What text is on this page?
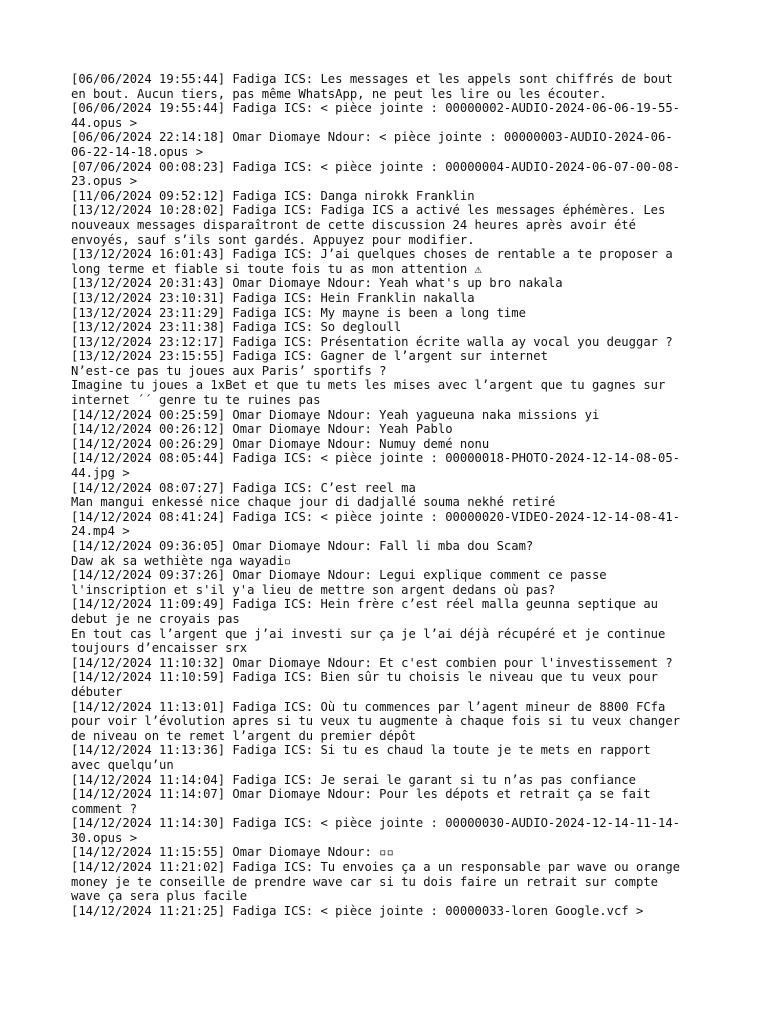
[06/06/2024 19:55:44] Fadiga ICS: Les messages et les appels sont chiffrés de bout
en bout. Aucun tiers, pas même WhatsApp, ne peut les lire ou les écouter.
[06/06/2024 19:55:44] Fadiga ICS: < pièce jointe : 00000002-AUDIO-2024-06-06-19-55-
44.opus >
[06/06/2024 22:14:18] Omar Diomaye Ndour: < pièce jointe : 00000003-AUDIO-2024-06-
06-22-14-18.opus >
[07/06/2024 00:08:23] Fadiga ICS: < pièce jointe : 00000004-AUDIO-2024-06-07-00-08-
23.opus >
[11/06/2024 09:52:12] Fadiga ICS: Danga nirokk Franklin
[13/12/2024 10:28:02] Fadiga ICS: Fadiga ICS a activé les messages éphémères. Les
nouveaux messages disparaîtront de cette discussion 24 heures après avoir été
envoyés, sauf s’ils sont gardés. Appuyez pour modifier.
[13/12/2024 16:01:43] Fadiga ICS: J’ai quelques choses de rentable a te proposer a
long terme et fiable si toute fois tu as mon attention ⚠
[13/12/2024 20:31:43] Omar Diomaye Ndour: Yeah what's up bro nakala
[13/12/2024 23:10:31] Fadiga ICS: Hein Franklin nakalla
[13/12/2024 23:11:29] Fadiga ICS: My mayne is been a long time
[13/12/2024 23:11:38] Fadiga ICS: So degloull
[13/12/2024 23:12:17] Fadiga ICS: Présentation écrite walla ay vocal you deuggar ?
[13/12/2024 23:15:55] Fadiga ICS: Gagner de l’argent sur internet
N’est-ce pas tu joues aux Paris’ sportifs ?
Imagine tu joues a 1xBet et que tu mets les mises avec l’argent que tu gagnes sur
internet ´´ genre tu te ruines pas
[14/12/2024 00:25:59] Omar Diomaye Ndour: Yeah yagueuna naka missions yi
[14/12/2024 00:26:12] Omar Diomaye Ndour: Yeah Pablo
[14/12/2024 00:26:29] Omar Diomaye Ndour: Numuy demé nonu
[14/12/2024 08:05:44] Fadiga ICS: < pièce jointe : 00000018-PHOTO-2024-12-14-08-05-
44.jpg >
[14/12/2024 08:07:27] Fadiga ICS: C’est reel ma
Man mangui enkessé nice chaque jour di dadjallé souma nekhé retiré
[14/12/2024 08:41:24] Fadiga ICS: < pièce jointe : 00000020-VIDEO-2024-12-14-08-41-
24.mp4 >
[14/12/2024 09:36:05] Omar Diomaye Ndour: Fall li mba dou Scam?
Daw ak sa wethiète nga wayadi▫
[14/12/2024 09:37:26] Omar Diomaye Ndour: Legui explique comment ce passe
l'inscription et s'il y'a lieu de mettre son argent dedans où pas?
[14/12/2024 11:09:49] Fadiga ICS: Hein frère c’est réel malla geunna septique au
debut je ne croyais pas
En tout cas l’argent que j’ai investi sur ça je l’ai déjà récupéré et je continue
toujours d’encaisser srx
[14/12/2024 11:10:32] Omar Diomaye Ndour: Et c'est combien pour l'investissement ?
[14/12/2024 11:10:59] Fadiga ICS: Bien sûr tu choisis le niveau que tu veux pour
débuter
[14/12/2024 11:13:01] Fadiga ICS: Où tu commences par l’agent mineur de 8800 FCfa
pour voir l’évolution apres si tu veux tu augmente à chaque fois si tu veux changer
de niveau on te remet l’argent du premier dépôt
[14/12/2024 11:13:36] Fadiga ICS: Si tu es chaud la toute je te mets en rapport
avec quelqu’un
[14/12/2024 11:14:04] Fadiga ICS: Je serai le garant si tu n’as pas confiance
[14/12/2024 11:14:07] Omar Diomaye Ndour: Pour les dépots et retrait ça se fait
comment ?
[14/12/2024 11:14:30] Fadiga ICS: < pièce jointe : 00000030-AUDIO-2024-12-14-11-14-
30.opus >
[14/12/2024 11:15:55] Omar Diomaye Ndour: ▫▫
[14/12/2024 11:21:02] Fadiga ICS: Tu envoies ça a un responsable par wave ou orange
money je te conseille de prendre wave car si tu dois faire un retrait sur compte
wave ça sera plus facile
[14/12/2024 11:21:25] Fadiga ICS: < pièce jointe : 00000033-loren Google.vcf >
